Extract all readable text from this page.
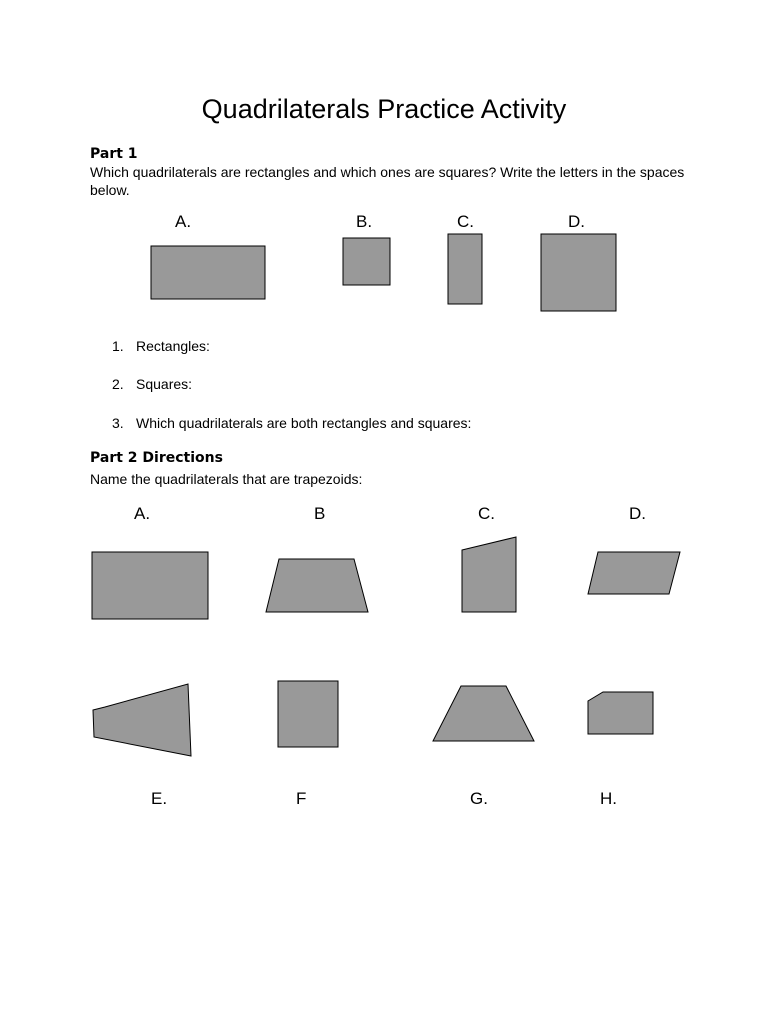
Quadrilaterals Practice Activity
Part 1
Which quadrilaterals are rectangles and which ones are squares? Write the letters in the spaces below.
A.	B.	C.	D.
1. Rectangles:
2. Squares:
3. Which quadrilaterals are both rectangles and squares:
Part 2 Directions
Name the quadrilaterals that are trapezoids:
A.	B	C.	D.
E.	F	G.	H.
